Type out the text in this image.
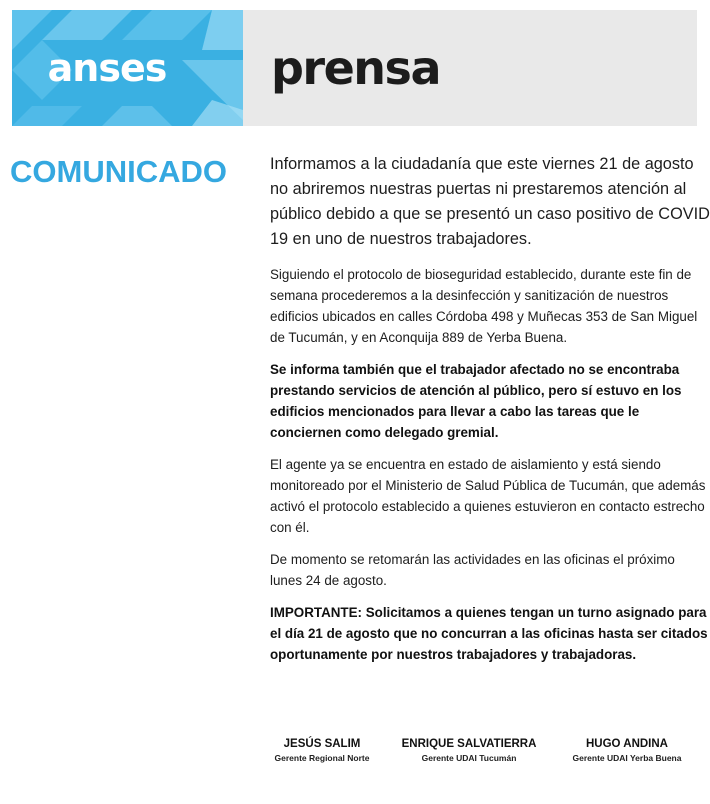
anses	prensa
COMUNICADO	Informamos a la ciudadanía que este viernes 21 de agosto no abriremos nuestras puertas ni prestaremos atención al público debido a que se presentó un caso positivo de COVID 19 en uno de nuestros trabajadores.

Siguiendo el protocolo de bioseguridad establecido, durante este fin de semana procederemos a la desinfección y sanitización de nuestros edificios ubicados en calles Córdoba 498 y Muñecas 353 de San Miguel de Tucumán, y en Aconquija 889 de Yerba Buena.

Se informa también que el trabajador afectado no se encontraba prestando servicios de atención al público, pero sí estuvo en los edificios mencionados para llevar a cabo las tareas que le conciernen como delegado gremial.

El agente ya se encuentra en estado de aislamiento y está siendo monitoreado por el Ministerio de Salud Pública de Tucumán, que además activó el protocolo establecido a quienes estuvieron en contacto estrecho con él.

De momento se retomarán las actividades en las oficinas el próximo lunes 24 de agosto.

IMPORTANTE: Solicitamos a quienes tengan un turno asignado para el día 21 de agosto que no concurran a las oficinas hasta ser citados oportunamente por nuestros trabajadores y trabajadoras.

JESÚS SALIM
Gerente Regional Norte
ENRIQUE SALVATIERRA
Gerente UDAI Tucumán
HUGO ANDINA
Gerente UDAI Yerba Buena
